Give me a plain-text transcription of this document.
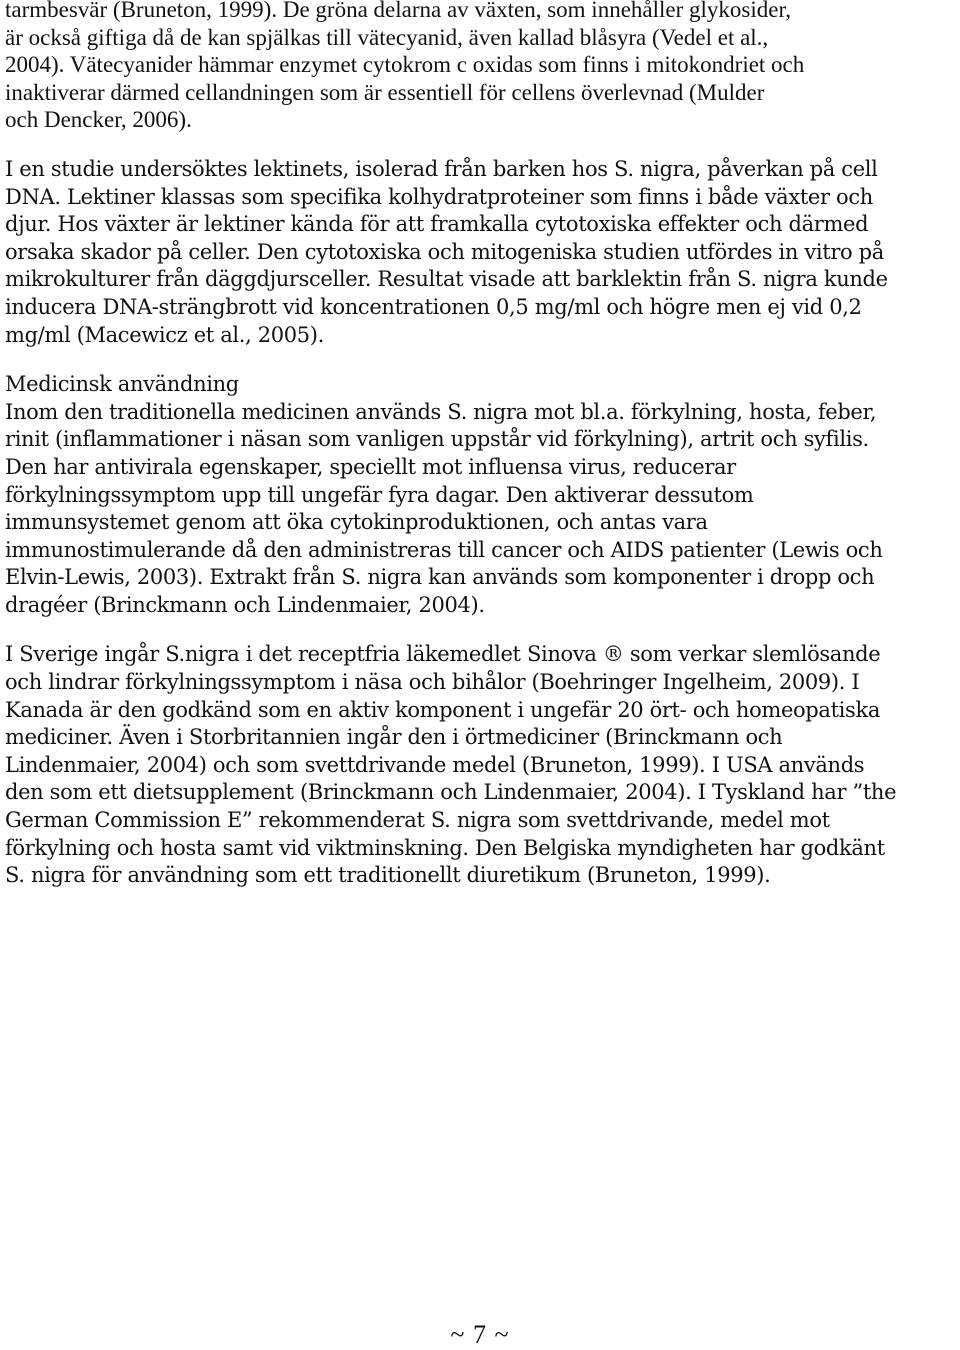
tarmbesvär (Bruneton, 1999). De gröna delarna av växten, som innehåller glykosider,
är också giftiga då de kan spjälkas till vätecyanid, även kallad blåsyra (Vedel et al.,
2004). Vätecyanider hämmar enzymet cytokrom c oxidas som finns i mitokondriet och
inaktiverar därmed cellandningen som är essentiell för cellens överlevnad (Mulder
och Dencker, 2006).

I en studie undersöktes lektinets, isolerad från barken hos S. nigra, påverkan på cell
DNA. Lektiner klassas som specifika kolhydratproteiner som finns i både växter och
djur. Hos växter är lektiner kända för att framkalla cytotoxiska effekter och därmed
orsaka skador på celler. Den cytotoxiska och mitogeniska studien utfördes in vitro på
mikrokulturer från däggdjursceller. Resultat visade att barklektin från S. nigra kunde
inducera DNA-strängbrott vid koncentrationen 0,5 mg/ml och högre men ej vid 0,2
mg/ml (Macewicz et al., 2005).

Medicinsk användning

Inom den traditionella medicinen används S. nigra mot bl.a. förkylning, hosta, feber,
rinit (inflammationer i näsan som vanligen uppstår vid förkylning), artrit och syfilis.
Den har antivirala egenskaper, speciellt mot influensa virus, reducerar
förkylningssymptom upp till ungefär fyra dagar. Den aktiverar dessutom
immunsystemet genom att öka cytokinproduktionen, och antas vara
immunostimulerande då den administreras till cancer och AIDS patienter (Lewis och
Elvin-Lewis, 2003). Extrakt från S. nigra kan används som komponenter i dropp och
dragéer (Brinckmann och Lindenmaier, 2004).

I Sverige ingår S.nigra i det receptfria läkemedlet Sinova ® som verkar slemlösande
och lindrar förkylningssymptom i näsa och bihålor (Boehringer Ingelheim, 2009). I
Kanada är den godkänd som en aktiv komponent i ungefär 20 ört- och homeopatiska
mediciner. Även i Storbritannien ingår den i örtmediciner (Brinckmann och
Lindenmaier, 2004) och som svettdrivande medel (Bruneton, 1999). I USA används
den som ett dietsupplement (Brinckmann och Lindenmaier, 2004). I Tyskland har ”the
German Commission E” rekommenderat S. nigra som svettdrivande, medel mot
förkylning och hosta samt vid viktminskning. Den Belgiska myndigheten har godkänt
S. nigra för användning som ett traditionellt diuretikum (Bruneton, 1999).

~ 7 ~
